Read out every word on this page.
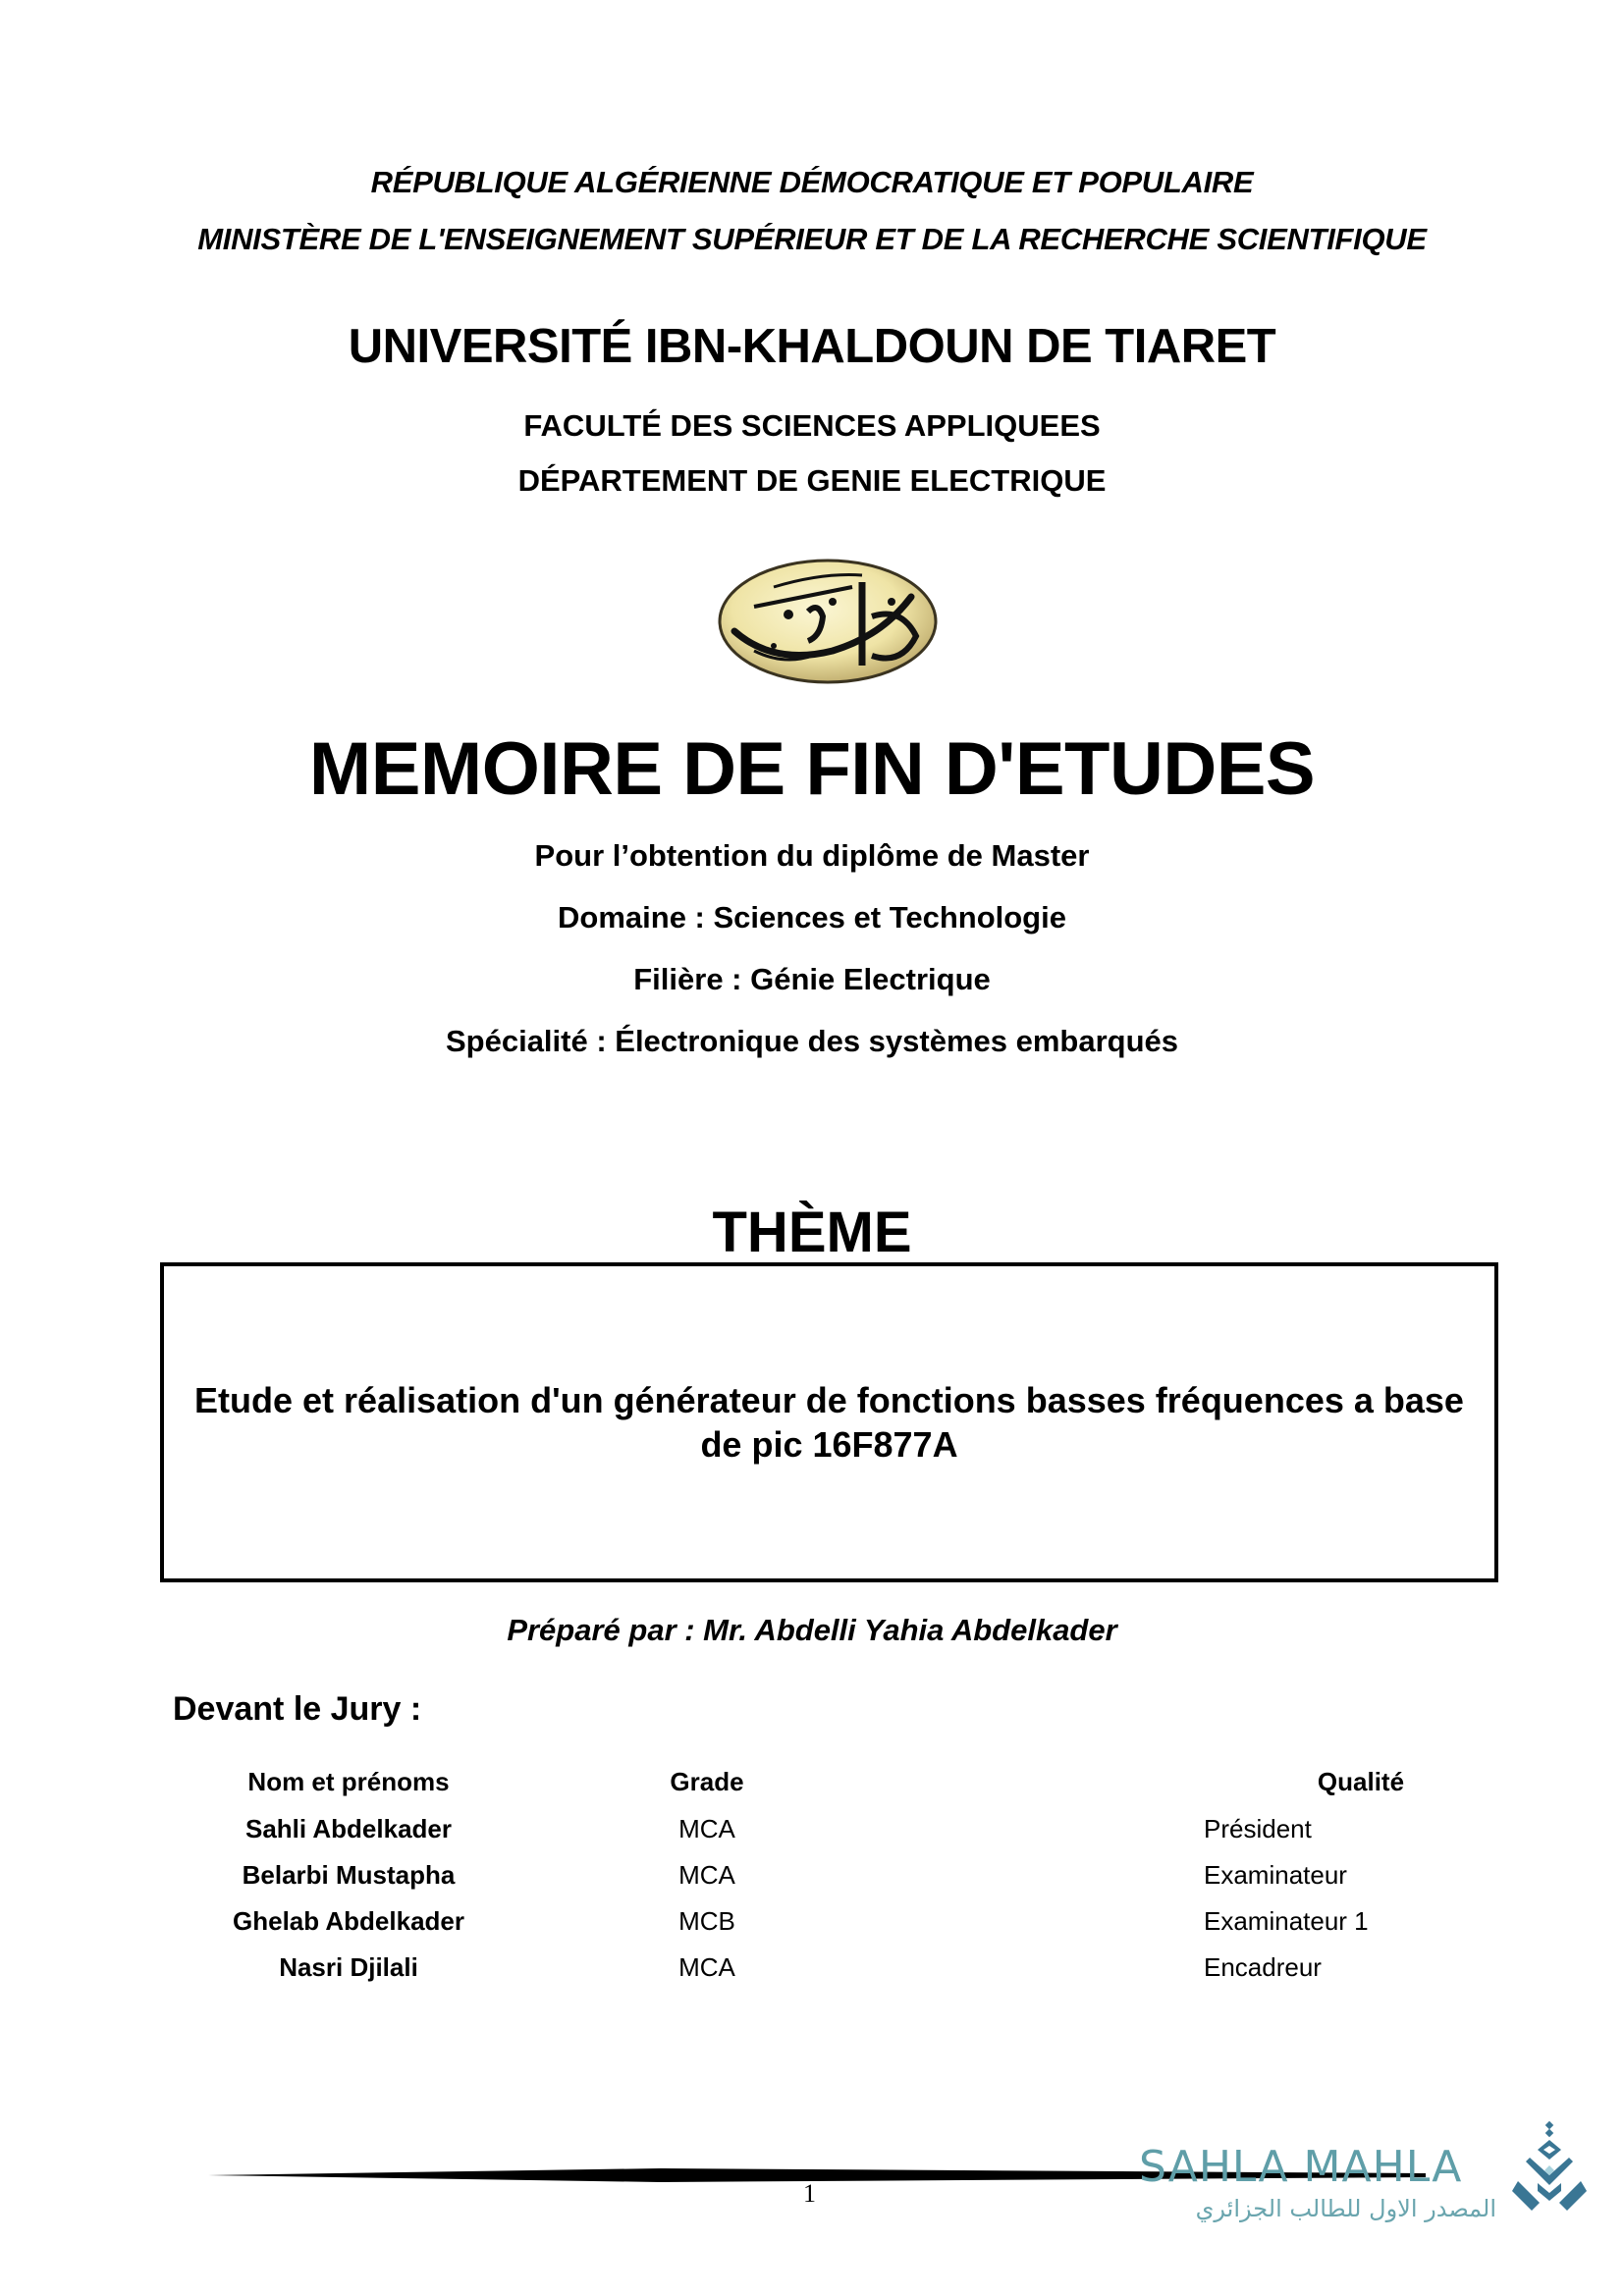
RÉPUBLIQUE ALGÉRIENNE DÉMOCRATIQUE ET POPULAIRE
MINISTÈRE DE L'ENSEIGNEMENT SUPÉRIEUR ET DE LA RECHERCHE SCIENTIFIQUE
UNIVERSITÉ IBN-KHALDOUN DE TIARET
FACULTÉ DES SCIENCES APPLIQUEES
DÉPARTEMENT DE GENIE ELECTRIQUE
MEMOIRE DE FIN D'ETUDES
Pour l’obtention du diplôme de Master
Domaine : Sciences et Technologie
Filière : Génie Electrique
Spécialité : Électronique des systèmes embarqués
THÈME
Etude et réalisation d'un générateur de fonctions basses fréquences a base de pic 16F877A
Préparé par : Mr. Abdelli Yahia Abdelkader
Devant le Jury :
Nom et prénoms	Grade	Qualité
Sahli Abdelkader	MCA	Président
Belarbi Mustapha	MCA	Examinateur
Ghelab Abdelkader	MCB	Examinateur 1
Nasri Djilali	MCA	Encadreur
1
SAHLA MAHLA
المصدر الاول للطالب الجزائري
